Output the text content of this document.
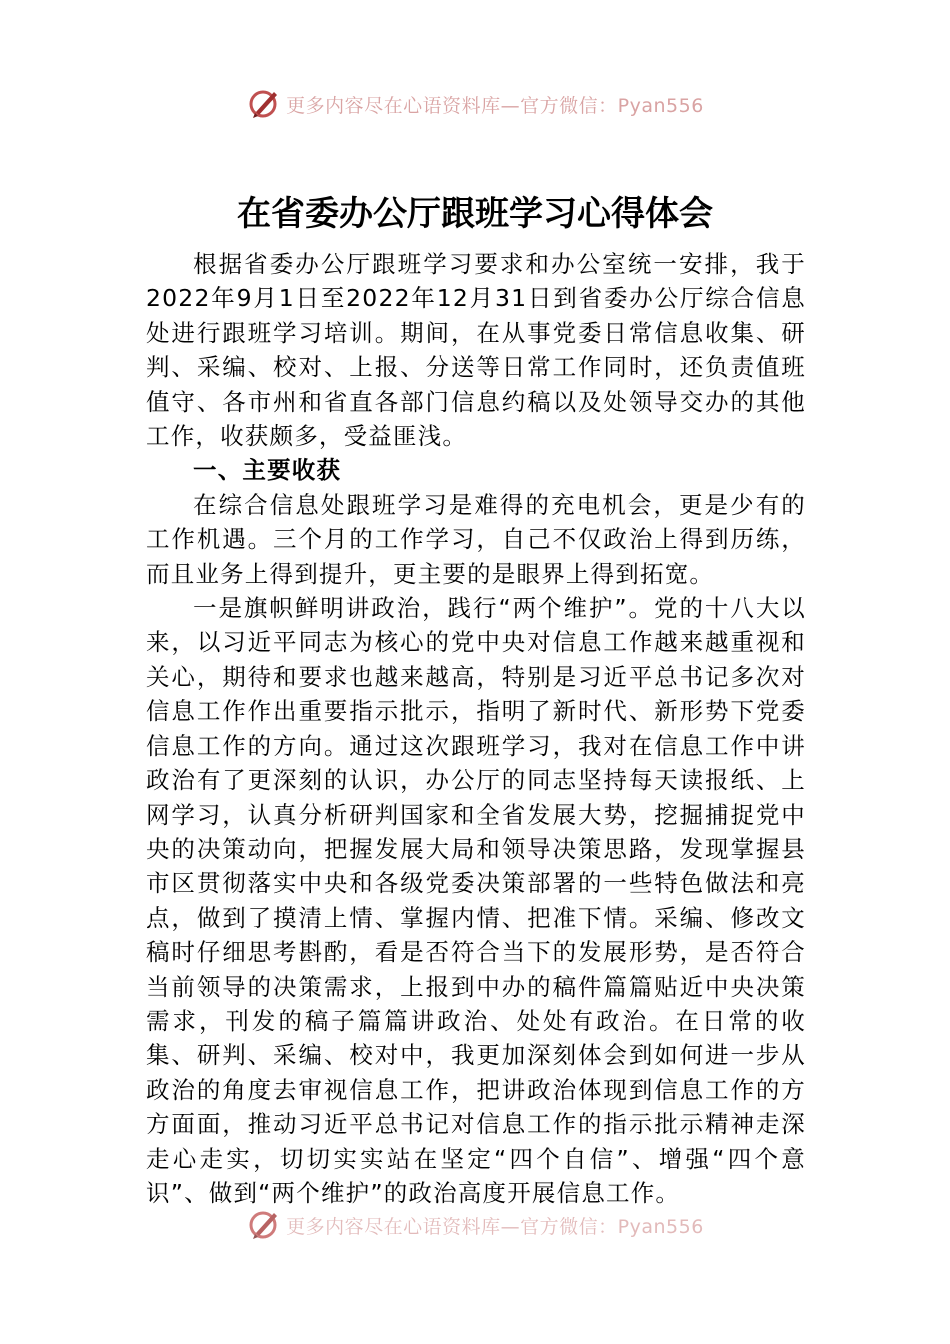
更多内容尽在心语资料库—官方微信：Pyan556
在省委办公厅跟班学习心得体会

根据省委办公厅跟班学习要求和办公室统一安排，我于2022年9月1日至2022年12月31日到省委办公厅综合信息处进行跟班学习培训。期间，在从事党委日常信息收集、研判、采编、校对、上报、分送等日常工作同时，还负责值班值守、各市州和省直各部门信息约稿以及处领导交办的其他工作，收获颇多，受益匪浅。

一、主要收获

在综合信息处跟班学习是难得的充电机会，更是少有的工作机遇。三个月的工作学习，自己不仅政治上得到历练，而且业务上得到提升，更主要的是眼界上得到拓宽。

一是旗帜鲜明讲政治，践行“两个维护”。党的十八大以来，以习近平同志为核心的党中央对信息工作越来越重视和关心，期待和要求也越来越高，特别是习近平总书记多次对信息工作作出重要指示批示，指明了新时代、新形势下党委信息工作的方向。通过这次跟班学习，我对在信息工作中讲政治有了更深刻的认识，办公厅的同志坚持每天读报纸、上网学习，认真分析研判国家和全省发展大势，挖掘捕捉党中央的决策动向，把握发展大局和领导决策思路，发现掌握县市区贯彻落实中央和各级党委决策部署的一些特色做法和亮点，做到了摸清上情、掌握内情、把准下情。采编、修改文稿时仔细思考斟酌，看是否符合当下的发展形势，是否符合当前领导的决策需求，上报到中办的稿件篇篇贴近中央决策需求，刊发的稿子篇篇讲政治、处处有政治。在日常的收集、研判、采编、校对中，我更加深刻体会到如何进一步从政治的角度去审视信息工作，把讲政治体现到信息工作的方方面面，推动习近平总书记对信息工作的指示批示精神走深走心走实，切切实实站在坚定“四个自信”、增强“四个意识”、做到“两个维护”的政治高度开展信息工作。

更多内容尽在心语资料库—官方微信：Pyan556
